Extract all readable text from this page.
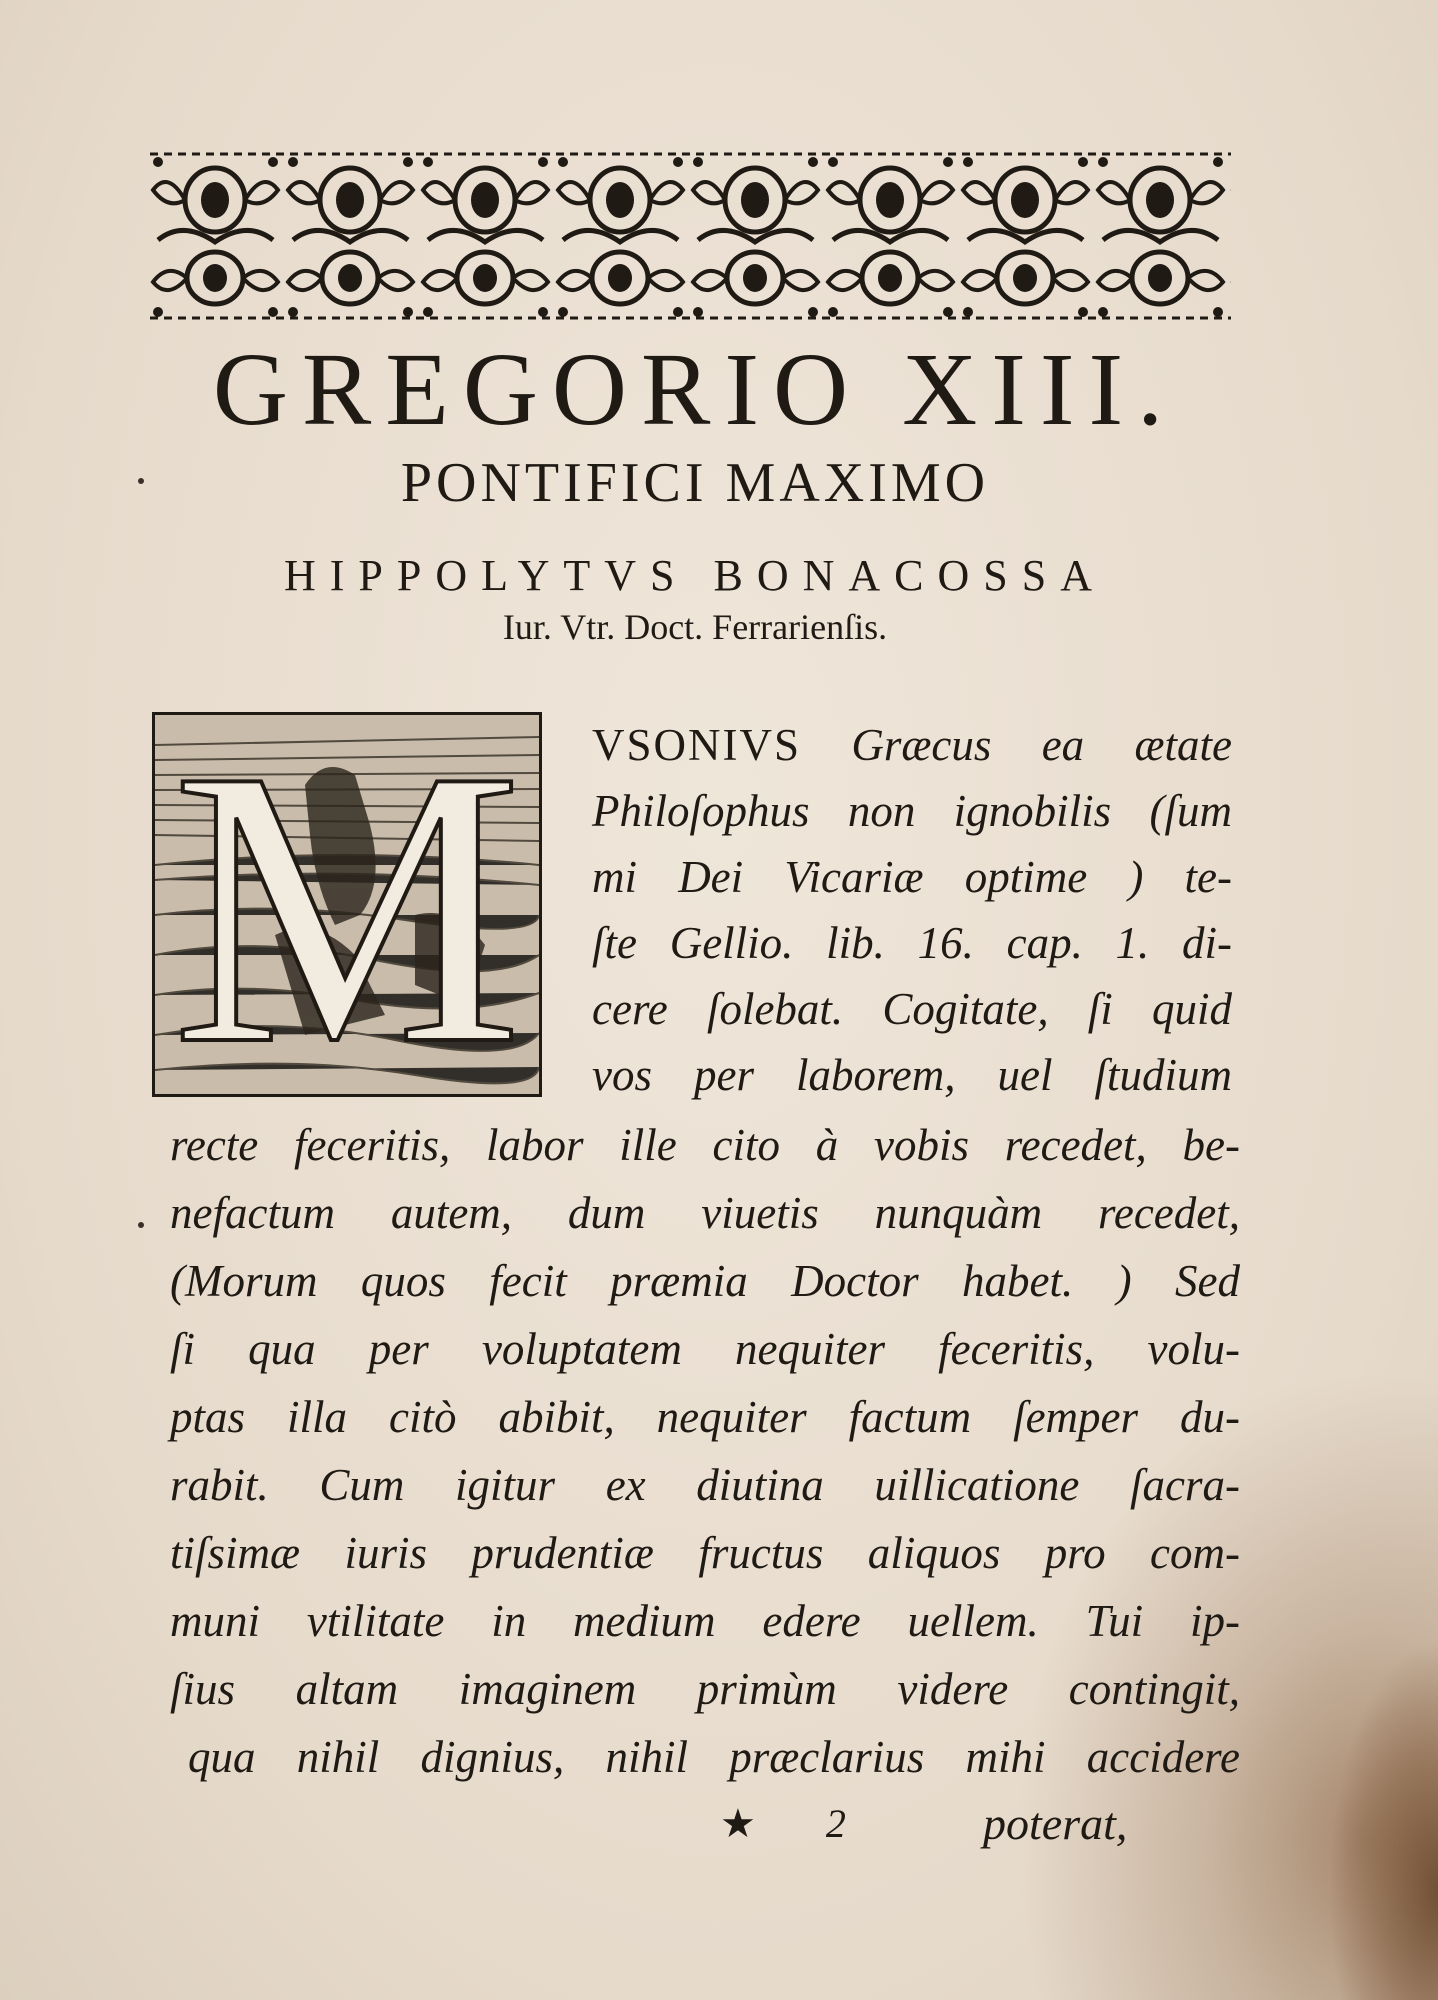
GREGORIO XIII.
PONTIFICI MAXIMO
HIPPOLYTVS BONACOSSA
Iur. Vtr. Doct. Ferrarienſis.
M	VSONIVS Græcus ea ætate
Philoſophus non ignobilis (ſum
mi Dei Vicariæ optime ) te-
ſte Gellio. lib. 16. cap. 1. di-
cere ſolebat. Cogitate, ſi quid
vos per laborem, uel ſtudium
recte feceritis, labor ille cito à vobis recedet, be-
nefactum autem, dum viuetis nunquàm recedet,
(Morum quos fecit præmia Doctor habet. ) Sed
ſi qua per voluptatem nequiter feceritis, volu-
ptas illa citò abibit, nequiter factum ſemper du-
rabit. Cum igitur ex diutina uillicatione ſacra-
tiſsimæ iuris prudentiæ fructus aliquos pro com-
muni vtilitate in medium edere uellem. Tui ip-
ſius altam imaginem primùm videre contingit,
qua nihil dignius, nihil præclarius mihi accidere
★ 2	poterat,
